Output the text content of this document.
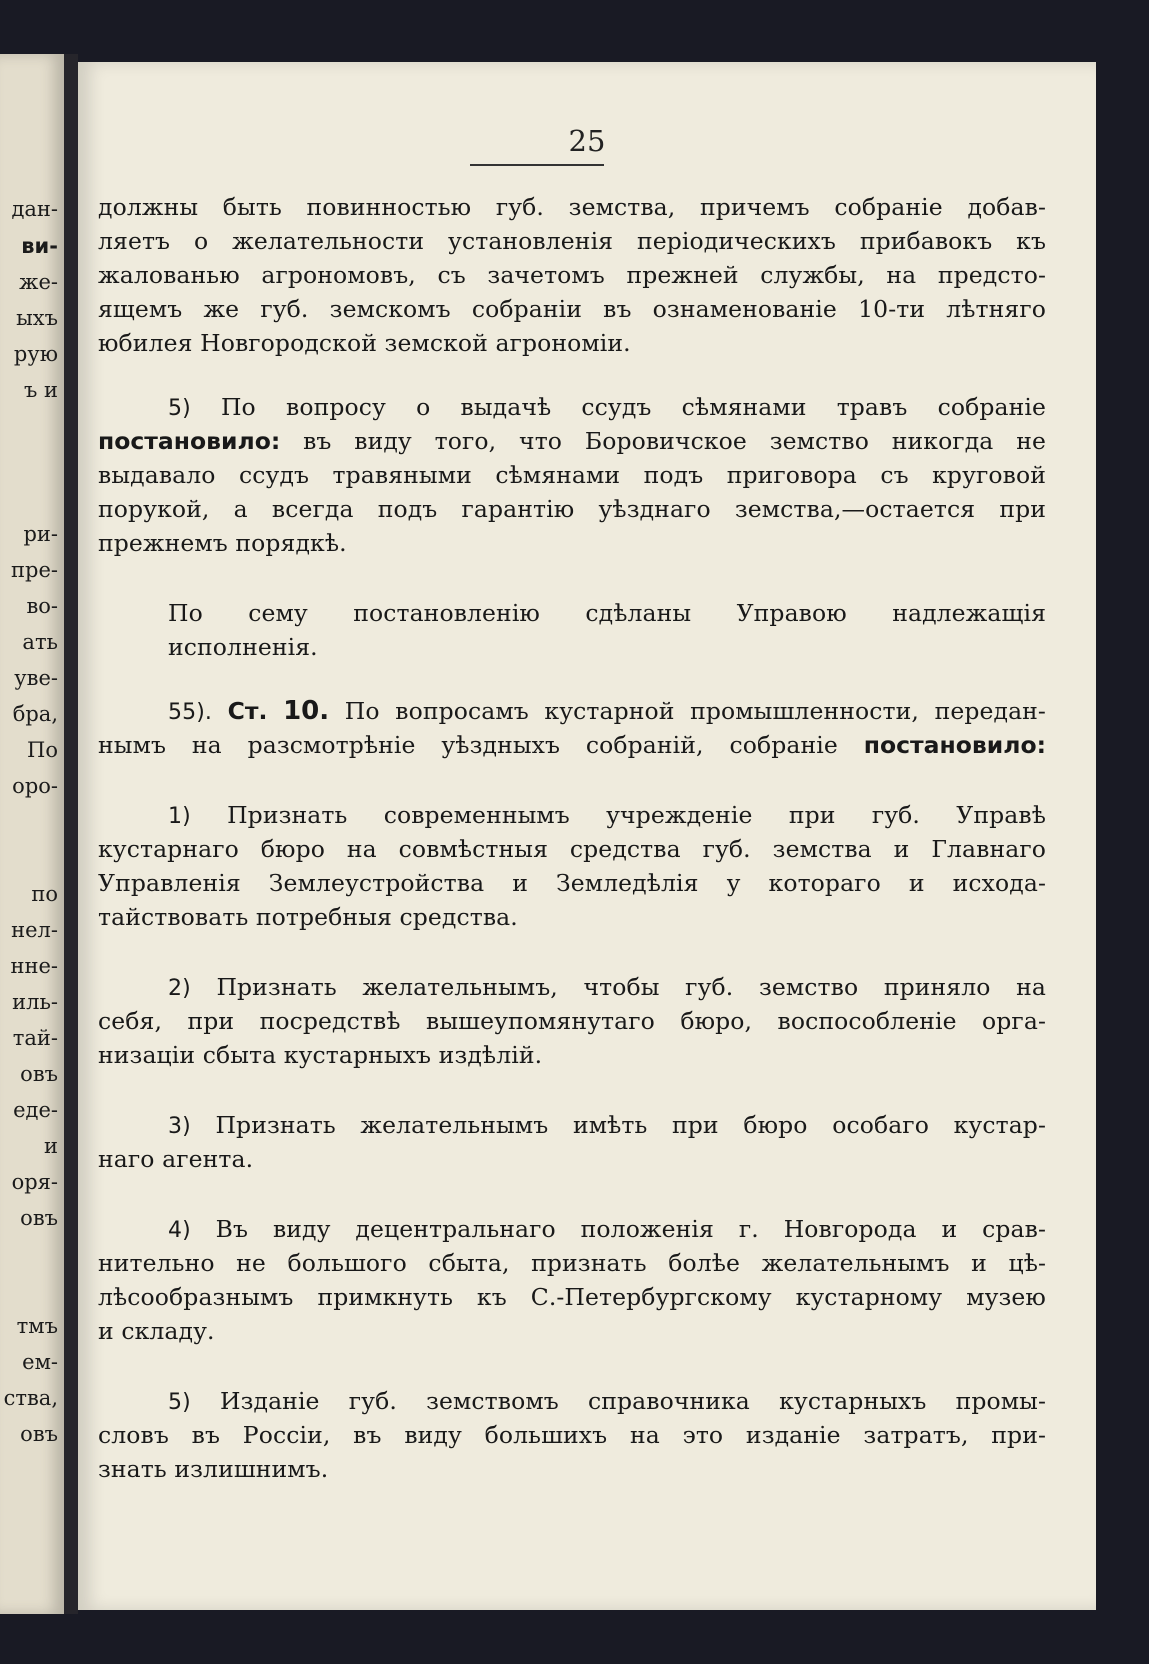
дан-
ви-
же-
ыхъ
рую
ъ и
ри-
пре-
во-
ать
уве-
бра,
По
оро-
по
нел-
нне-
иль-
тай-
овъ
еде-
и
оря-
овъ
тмъ
ем-
ства,
овъ
25
должны быть повинностью губ. земства, причемъ собраніе добав-
ляетъ о желательности установленія періодическихъ прибавокъ къ
жалованью агрономовъ, съ зачетомъ прежней службы, на предсто-
ящемъ же губ. земскомъ собраніи въ ознаменованіе 10-ти лѣтняго
юбилея Новгородской земской агрономіи.
5) По вопросу о выдачѣ ссудъ сѣмянами травъ собраніе
постановило: въ виду того, что Боровичское земство никогда не
выдавало ссудъ травяными сѣмянами подъ приговора съ круговой
порукой, а всегда подъ гарантію уѣзднаго земства,—остается при
прежнемъ порядкѣ.
По сему постановленію сдѣланы Управою надлежащія
исполненія.
55). Ст. 10. По вопросамъ кустарной промышленности, передан-
нымъ на разсмотрѣніе уѣздныхъ собраній, собраніе постановило:
1) Признать современнымъ учрежденіе при губ. Управѣ
кустарнаго бюро на совмѣстныя средства губ. земства и Главнаго
Управленія Землеустройства и Земледѣлія у котораго и исхода-
тайствовать потребныя средства.
2) Признать желательнымъ, чтобы губ. земство приняло на
себя, при посредствѣ вышеупомянутаго бюро, воспособленіе орга-
низаціи сбыта кустарныхъ издѣлій.
3) Признать желательнымъ имѣть при бюро особаго кустар-
наго агента.
4) Въ виду децентральнаго положенія г. Новгорода и срав-
нительно не большого сбыта, признать болѣе желательнымъ и цѣ-
лѣсообразнымъ примкнуть къ С.-Петербургскому кустарному музею
и складу.
5) Изданіе губ. земствомъ справочника кустарныхъ промы-
словъ въ Россіи, въ виду большихъ на это изданіе затратъ, при-
знать излишнимъ.
